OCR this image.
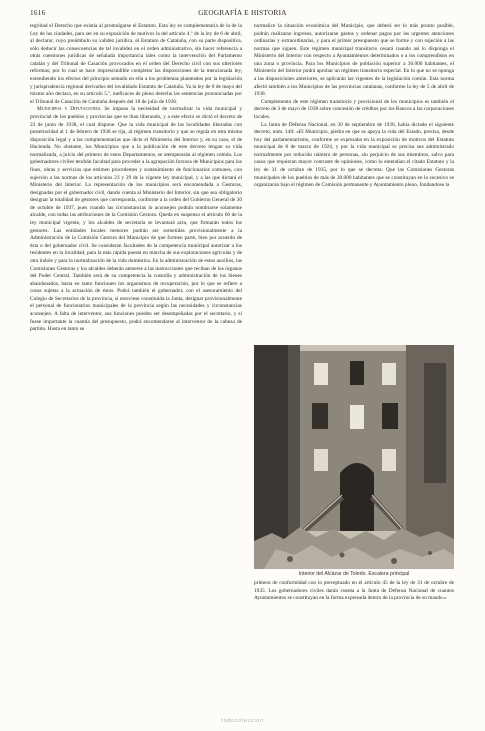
1616	GEOGRAFÍA E HISTORIA

tegridad el Derecho que existía al promulgarse el Estatuto. Esta ley es complementaria de la de la Ley de las ciudades, para ser en su exposición de motivos la del artículo 4.º de la ley de 6 de abril, al declarar, cuyo preámbulo su validez jurídica, el Estatuto de Cataluña, con su parte dispositiva, sólo deducir las consecuencias de tal invalidez en el orden administrativo, sin hacer referencia a otras cuestiones jurídicas de señalada importancia tales como la intervención del Parlamento catalán y del Tribunal de Casación provocados en el orden del Derecho civil con sus ulteriores reformas; por lo cual se hace imprescindible completar las disposiciones de la mencionada ley, extendiendo los efectos del principio sentado en ella a los problemas planteados por la legislación y jurisprudencia regional derivados del invalidado Estatuto de Cataluña. Ya la ley de 8 de mayo del mismo año declara, en su artículo 5.º, ineficaces de pleno derecho las sentencias pronunciadas por el Tribunal de Casación de Cataluña después del 18 de julio de 1936.

Municipios y Diputaciones. Se impuso la necesidad de normalizar la vida municipal y provincial de los pueblos y provincias que se iban liberando, y a este efecto se dictó el decreto de 23 de junio de 1938, el cual dispone: Que la vida municipal de las localidades liberadas con posterioridad al 1 de febrero de 1938 se rija, al régimen transitorio y que se regula en esta misma disposición legal y a las complementarias que dicte el Ministerio del Interior y, en su caso, el de Hacienda. No obstante, los Municipios que a la publicación de este decreto tengan su vida normalizada, a juicio del primero de estos Departamentos, se atemperarán al régimen común. Los gobernadores civiles tendrán facultad para proceder a la agrupación forzosa de Municipios para los fines, obras y servicios que estimen procedentes y sostenimiento de funcionarios comunes, con sujeción a las normas de los artículos 23 y 29 de la vigente ley municipal, y a las que dictará el Ministerio del Interior. La representación de los municipios será encomendada a Gestoras, designadas por el gobernador civil, dando cuenta al Ministerio del Interior, sin que sea obligatorio designar la totalidad de gestores que corresponda, conforme a la orden del Gobierno General de 30 de octubre de 1937, pues cuando las circunstancias lo aconsejen podrán nombrarse solamente alcalde, con todas las atribuciones de la Comisión Gestora. Queda en suspenso el artículo 66 de la ley municipal vigente, y los alcaldes de secretaría se levantará acta, que firmarán todos los gestores. Las entidades locales menores podrán ser sometidas provisionalmente a la Administración de la Comisión Gestora del Municipio de que formen parte, bien por acuerdo de ésta o del gobernador civil. Se consideran facultades de la competencia municipal autorizar a los residentes en la localidad, para la más rápida puesta en marcha de sus explotaciones agrícolas y de otra índole y para la normalización de la vida doméstica. En la administración de estos auxilios, las Comisiones Gestoras y los alcaldes deberán atenerse a las instrucciones que reciban de los órganos del Poder Central. También será de su competencia la custodia y administración de los bienes abandonados, hasta en tanto funcionen los organismos de recuperación, por lo que se refiere a cosas sujetas a la actuación de éstos. Podrá también el gobernador, con el asesoramiento del Colegio de Secretarios de la provincia, si estuviese constituida la Junta, designar provisionalmente el personal de funcionarios municipales de la provincia según las necesidades y circunstancias aconsejen. A falta de interventor, sus funciones pueden ser desempeñadas por el secretario, y si fuese importante la cuantía del presupuesto, podrá encomendarse al interventor de la cabeza de partido. Hasta en tanto se

normalice la situación económica del Municipio, que deberá ser lo más pronto posible, podrán realizarse ingresos, autorizarse gastos y ordenar pagos por las urgentes atenciones ordinarias y extraordinarias, y para el primer presupuesto que se forme y con sujeción a las normas que siguen. Este régimen municipal transitorio cesará cuando así lo disponga el Ministerio del Interior con respecto a Ayuntamientos determinados o a los comprendidos en una zona o provincia. Para los Municipios de población superior a 30.000 habitantes, el Ministerio del Interior podrá aprobar un régimen transitorio especial. En lo que no se oponga a las disposiciones anteriores, se aplicarán las vigentes de la legislación común. Esta norma afectó también a los Municipios de las provincias catalanas, conforme la ley de 5 de abril de 1938.

Complemento de este régimen transitorio y provisional de los municipios es también el decreto de 3 de mayo de 1938 sobre concesión de créditos por los Bancos a las corporaciones locales.

La Junta de Defensa Nacional, en 30 de septiembre de 1936, había dictado el siguiente decreto, núm. 140: «El Municipio, piedra en que se apoya la vida del Estado, precisa, desde hoy del parlamentarismo, conforme se expresaba en la exposición de motivos del Estatuto municipal de 8 de marzo de 1924, y por la vida municipal se precisa sea administrado normalmente por reducido número de personas, sin perjuicio de sus miembros, salvo para casos que requieran mayor contraste de opiniones, como lo entendían el citado Estatuto y la ley de 31 de octubre de 1935, por lo que se decreta: Que las Comisiones Gestoras municipales de los pueblos de más de 30.000 habitantes que se constituyan en lo sucesivo se organizarán bajo el régimen de Comisión permanente y Ayuntamiento pleno, fondandose la

Interior del Alcázar de Toledo. Escalera principal

primera de conformidad con lo preceptuado en el artículo 45 de la ley de 31 de octubre de 1935. Los gobernadores civiles darán cuenta a la Junta de Defensa Nacional de cuantos Ayuntamientos se constituyan en la forma expresada dentro de la provincia de su mando.»

todocoleccion
